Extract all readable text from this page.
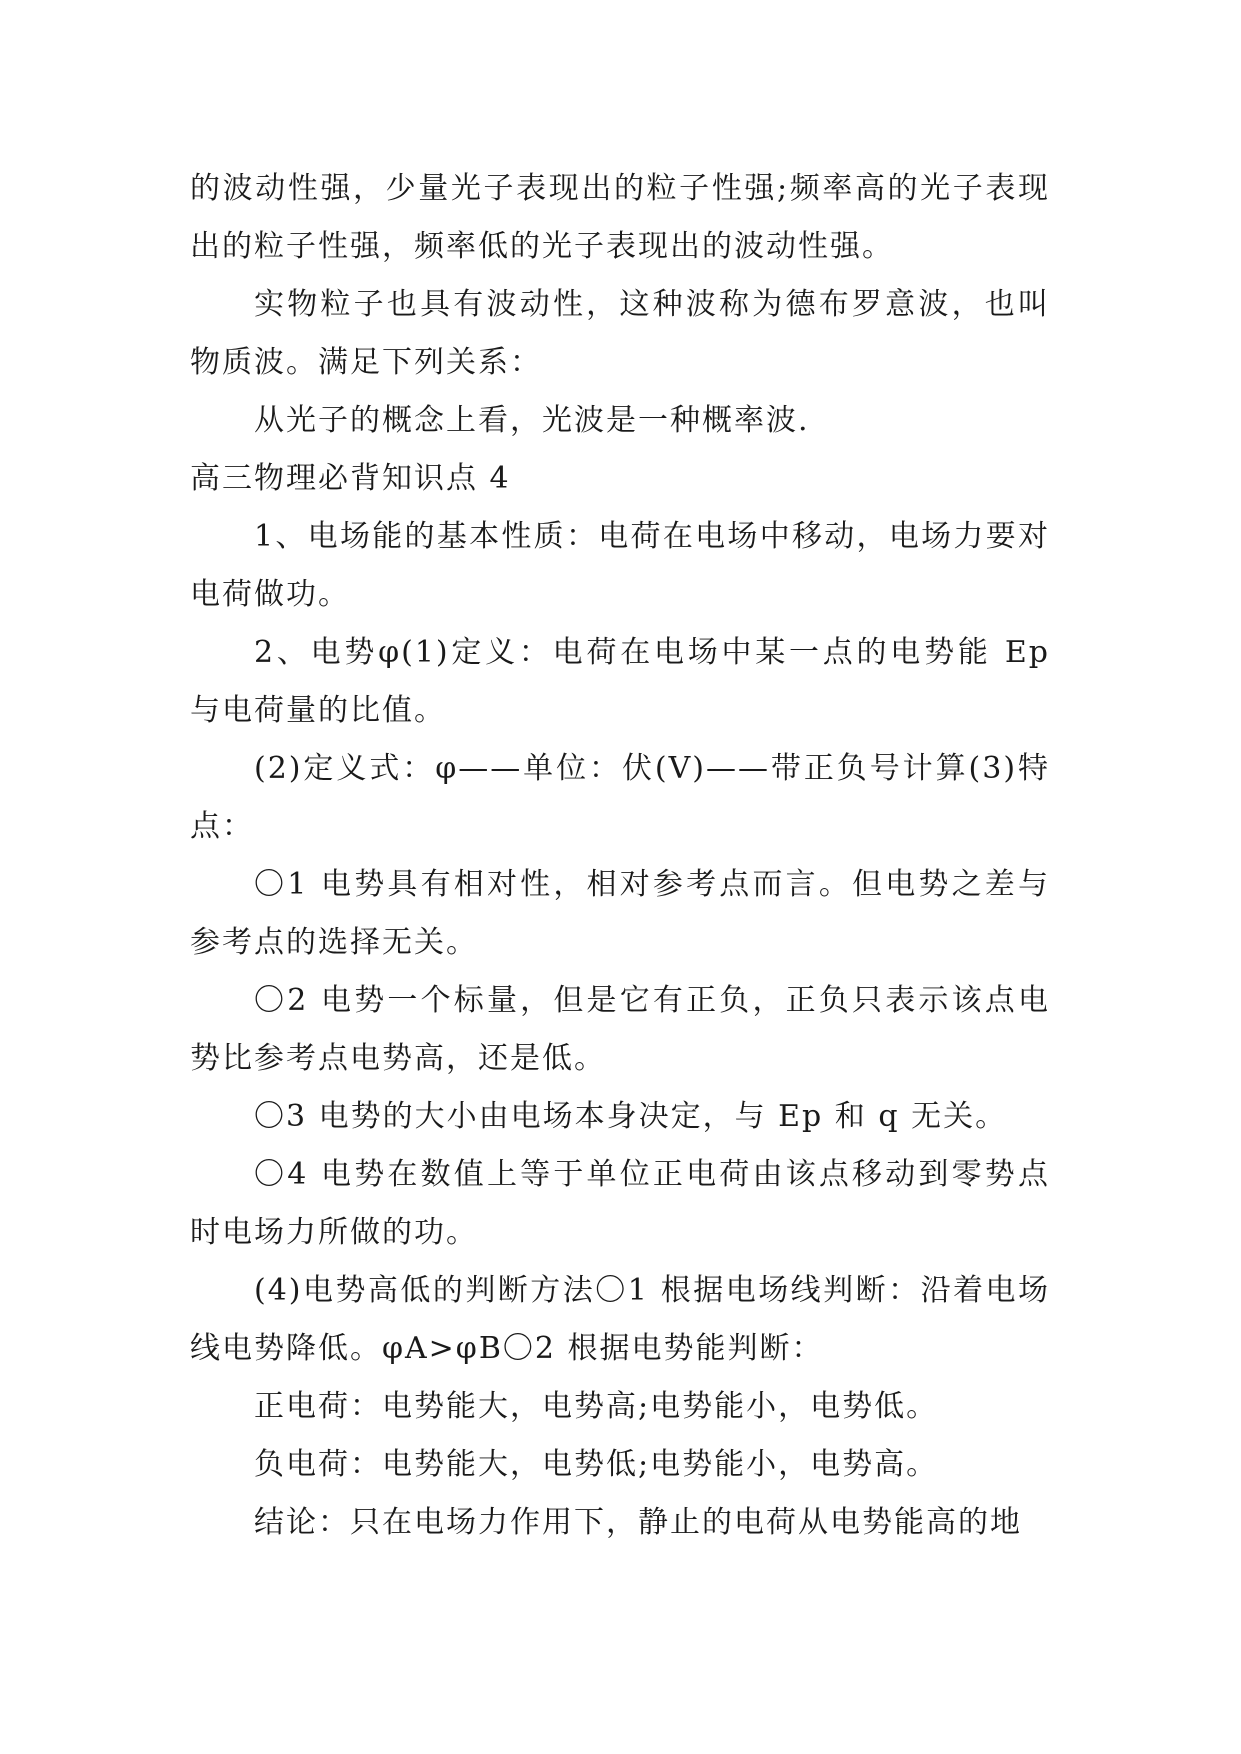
的波动性强，少量光子表现出的粒子性强;频率高的光子表现出的粒子性强，频率低的光子表现出的波动性强。

实物粒子也具有波动性，这种波称为德布罗意波，也叫物质波。满足下列关系：

从光子的概念上看，光波是一种概率波.

高三物理必背知识点 4

1、电场能的基本性质：电荷在电场中移动，电场力要对电荷做功。

2、电势φ(1)定义：电荷在电场中某一点的电势能 Ep 与电荷量的比值。

(2)定义式：φ——单位：伏(V)——带正负号计算(3)特点：

〇1 电势具有相对性，相对参考点而言。但电势之差与参考点的选择无关。

〇2 电势一个标量，但是它有正负，正负只表示该点电势比参考点电势高，还是低。

〇3 电势的大小由电场本身决定，与 Ep 和 q 无关。

〇4 电势在数值上等于单位正电荷由该点移动到零势点时电场力所做的功。

(4)电势高低的判断方法〇1 根据电场线判断：沿着电场线电势降低。φA>φB〇2 根据电势能判断：

正电荷：电势能大，电势高;电势能小，电势低。

负电荷：电势能大，电势低;电势能小，电势高。

结论：只在电场力作用下，静止的电荷从电势能高的地
